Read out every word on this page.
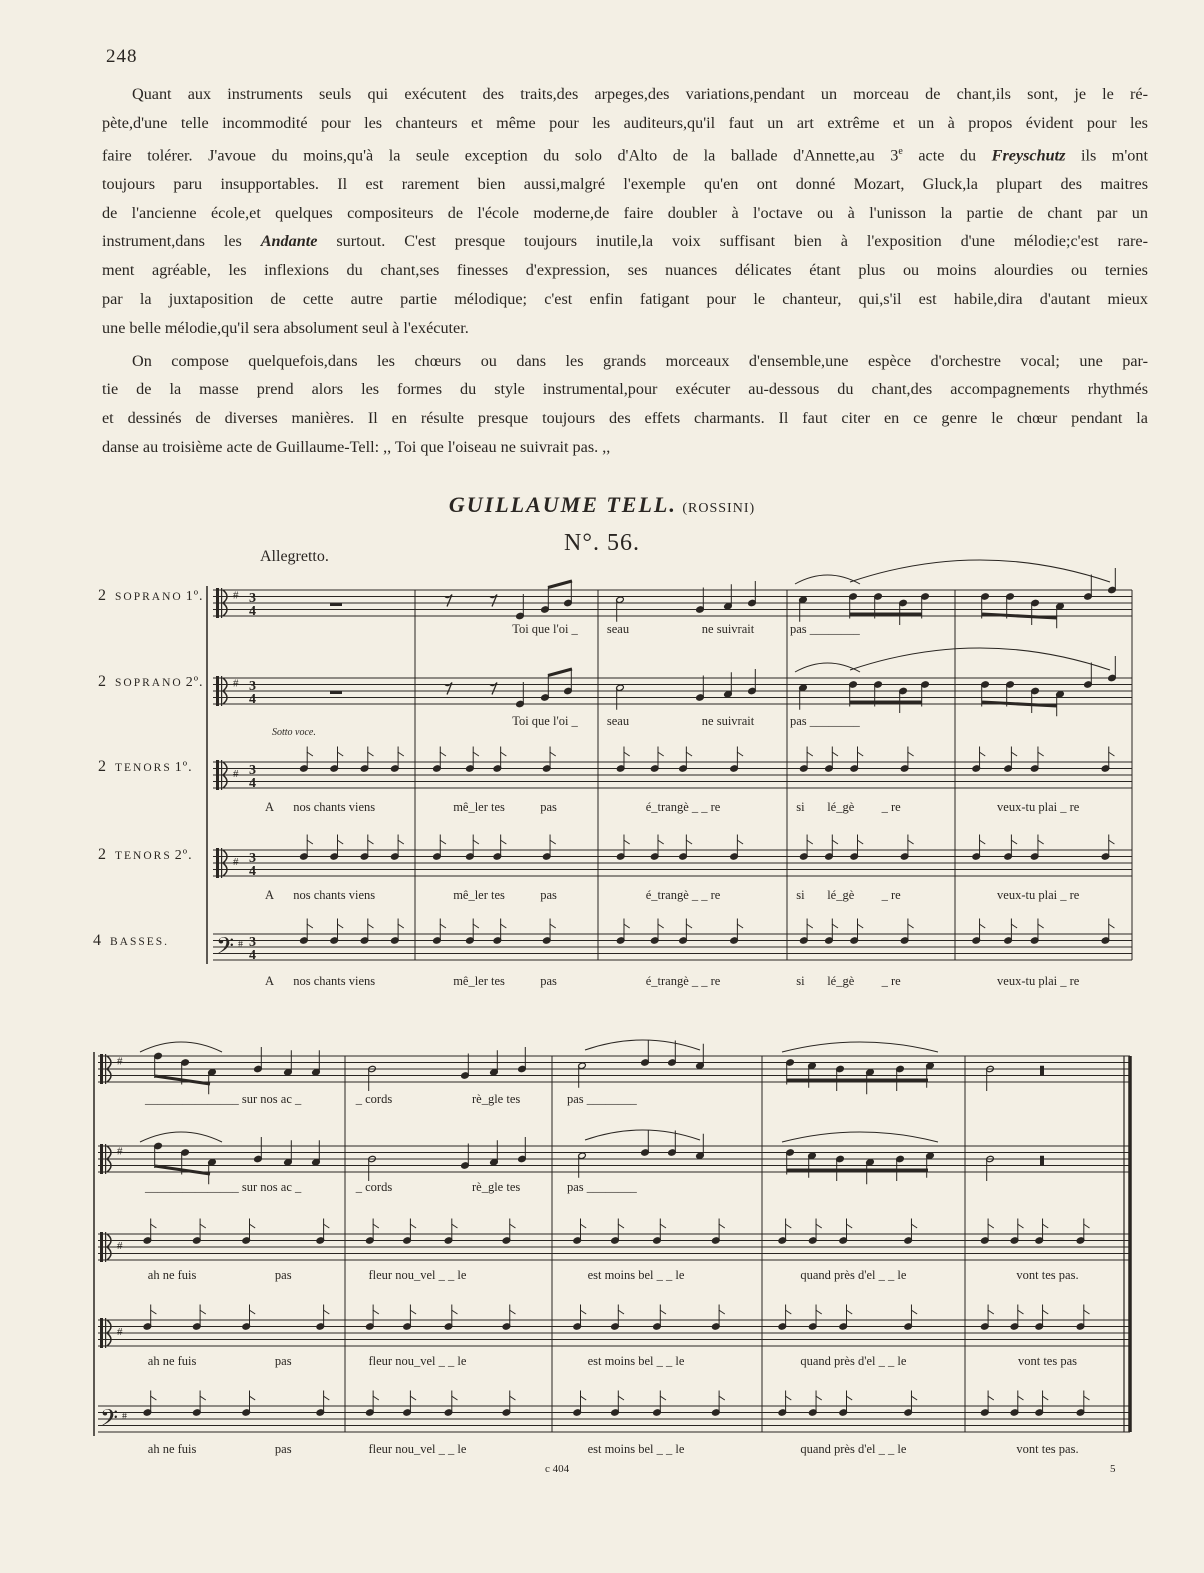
248

Quant aux instruments seuls qui exécutent des traits,des arpeges,des variations,pendant un morceau de chant,ils sont, je le ré-
pète,d'une telle incommodité pour les chanteurs et même pour les auditeurs,qu'il faut un art extrême et un à propos évident pour les
faire tolérer. J'avoue du moins,qu'à la seule exception du solo d'Alto de la ballade d'Annette,au 3e acte du Freyschutz ils m'ont
toujours paru insupportables. Il est rarement bien aussi,malgré l'exemple qu'en ont donné Mozart, Gluck,la plupart des maitres
de l'ancienne école,et quelques compositeurs de l'école moderne,de faire doubler à l'octave ou à l'unisson la partie de chant par un
instrument,dans les Andante surtout. C'est presque toujours inutile,la voix suffisant bien à l'exposition d'une mélodie;c'est rare-
ment agréable, les inflexions du chant,ses finesses d'expression, ses nuances délicates étant plus ou moins alourdies ou ternies
par la juxtaposition de cette autre partie mélodique; c'est enfin fatigant pour le chanteur, qui,s'il est habile,dira d'autant mieux
une belle mélodie,qu'il sera absolument seul à l'exécuter.

On compose quelquefois,dans les chœurs ou dans les grands morceaux d'ensemble,une espèce d'orchestre vocal; une par-
tie de la masse prend alors les formes du style instrumental,pour exécuter au-dessous du chant,des accompagnements rhythmés
et dessinés de diverses manières. Il en résulte presque toujours des effets charmants. Il faut citer en ce genre le chœur pendant la
danse au troisième acte de Guillaume-Tell: ,, Toi que l'oiseau ne suivrait pas. ,,

GUILLAUME TELL. (ROSSINI)
N°. 56.
Allegretto.
Sotto voce.
2 SOPRANO 1º.
2 SOPRANO 2º.
2 TENORS 1º.
2 TENORS 2º.
4 BASSES.
Toi que l'oi _ seau	ne suivrait	pas ________
Toi que l'oi _ seau	ne suivrait	pas ________
A nos chants viens	mê_ler tes	pas	é_trangè _ _ re	si lé_gè _ re	veux-tu plai _ re
A nos chants viens	mê_ler tes	pas	é_trangè _ _ re	si lé_gè _ re	veux-tu plai _ re
A nos chants viens	mê_ler tes	pas	é_trangè _ _ re	si lé_gè _ re	veux-tu plai _ re
_______________ sur nos ac _	_ cords	rè_gle tes	pas ________
_______________ sur nos ac _	_ cords	rè_gle tes	pas ________
ah ne fuis	pas	fleur nou_vel _ _ le	est moins bel _ _ le	quand près d'el _ _ le	vont tes pas.
ah ne fuis	pas	fleur nou_vel _ _ le	est moins bel _ _ le	quand près d'el _ _ le	vont tes pas
ah ne fuis	pas	fleur nou_vel _ _ le	est moins bel _ _ le	quand près d'el _ _ le	vont tes pas.
# 3
4
# 3
4
# 3
4
# 3
4
𝄢 # 3
4
#
#
#
#
𝄢 #
c 404	5
